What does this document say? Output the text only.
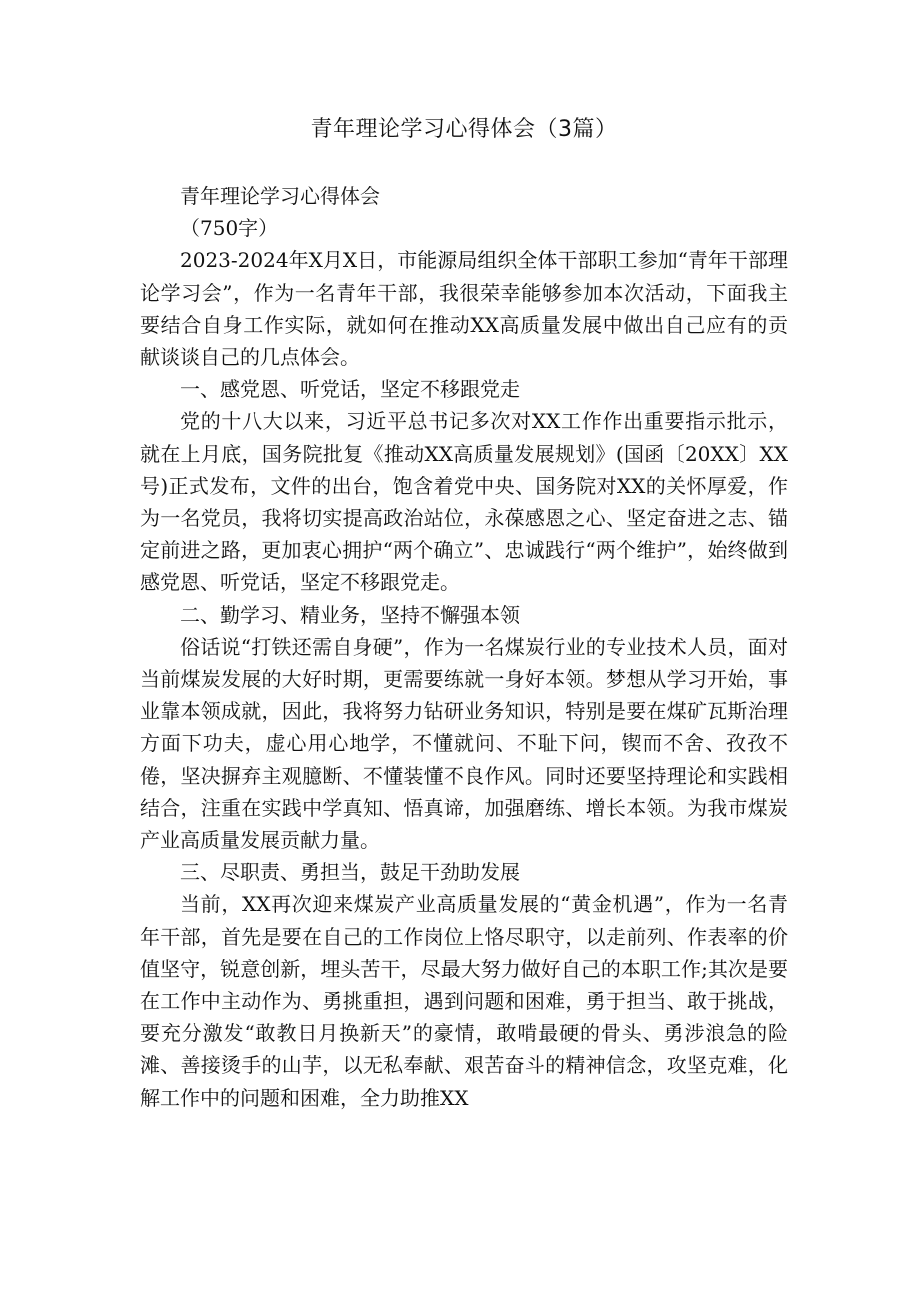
青年理论学习心得体会（3篇）

青年理论学习心得体会

（750字）

2023-2024年X月X日，市能源局组织全体干部职工参加“青年干部理论学习会”，作为一名青年干部，我很荣幸能够参加本次活动，下面我主要结合自身工作实际，就如何在推动XX高质量发展中做出自己应有的贡献谈谈自己的几点体会。

一、感党恩、听党话，坚定不移跟党走

党的十八大以来，习近平总书记多次对XX工作作出重要指示批示，就在上月底，国务院批复《推动XX高质量发展规划》(国函〔20XX〕XX号)正式发布，文件的出台，饱含着党中央、国务院对XX的关怀厚爱，作为一名党员，我将切实提高政治站位，永葆感恩之心、坚定奋进之志、锚定前进之路，更加衷心拥护“两个确立”、忠诚践行“两个维护”，始终做到感党恩、听党话，坚定不移跟党走。

二、勤学习、精业务，坚持不懈强本领

俗话说“打铁还需自身硬”，作为一名煤炭行业的专业技术人员，面对当前煤炭发展的大好时期，更需要练就一身好本领。梦想从学习开始，事业靠本领成就，因此，我将努力钻研业务知识，特别是要在煤矿瓦斯治理方面下功夫，虚心用心地学，不懂就问、不耻下问，锲而不舍、孜孜不倦，坚决摒弃主观臆断、不懂装懂不良作风。同时还要坚持理论和实践相结合，注重在实践中学真知、悟真谛，加强磨练、增长本领。为我市煤炭产业高质量发展贡献力量。

三、尽职责、勇担当，鼓足干劲助发展

当前，XX再次迎来煤炭产业高质量发展的“黄金机遇”，作为一名青年干部，首先是要在自己的工作岗位上恪尽职守，以走前列、作表率的价值坚守，锐意创新，埋头苦干，尽最大努力做好自己的本职工作;其次是要在工作中主动作为、勇挑重担，遇到问题和困难，勇于担当、敢于挑战，要充分激发“敢教日月换新天”的豪情，敢啃最硬的骨头、勇涉浪急的险滩、善接烫手的山芋，以无私奉献、艰苦奋斗的精神信念，攻坚克难，化解工作中的问题和困难，全力助推XX
